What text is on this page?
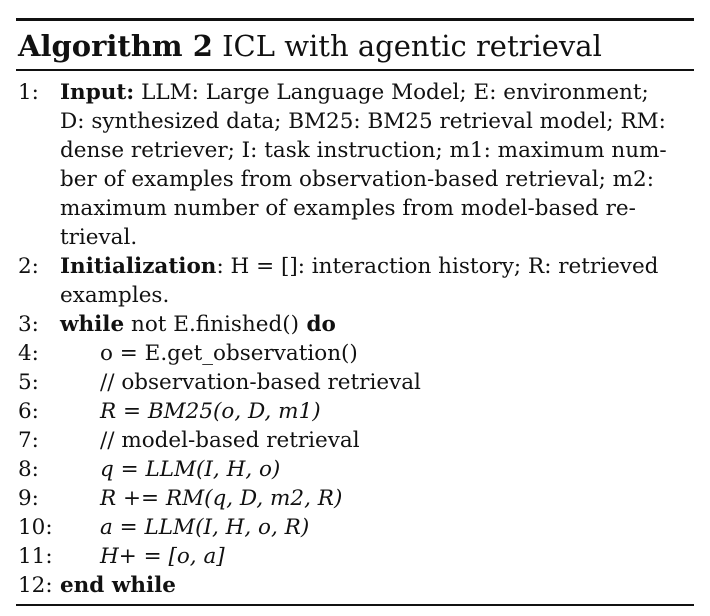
Algorithm 2 ICL with agentic retrieval
1: Input: LLM: Large Language Model; E: environment;
D: synthesized data; BM25: BM25 retrieval model; RM:
dense retriever; I: task instruction; m1: maximum num-
ber of examples from observation-based retrieval; m2:
maximum number of examples from model-based re-
trieval.
2: Initialization: H = []: interaction history; R: retrieved
examples.
3: while not E.finished() do
4:	o = E.get_observation()
5:	// observation-based retrieval
6:	R = BM25(o, D, m1)
7:	// model-based retrieval
8:	q = LLM(I, H, o)
9:	R += RM(q, D, m2, R)
10:	a = LLM(I, H, o, R)
11:	H+ = [o, a]
12: end while
